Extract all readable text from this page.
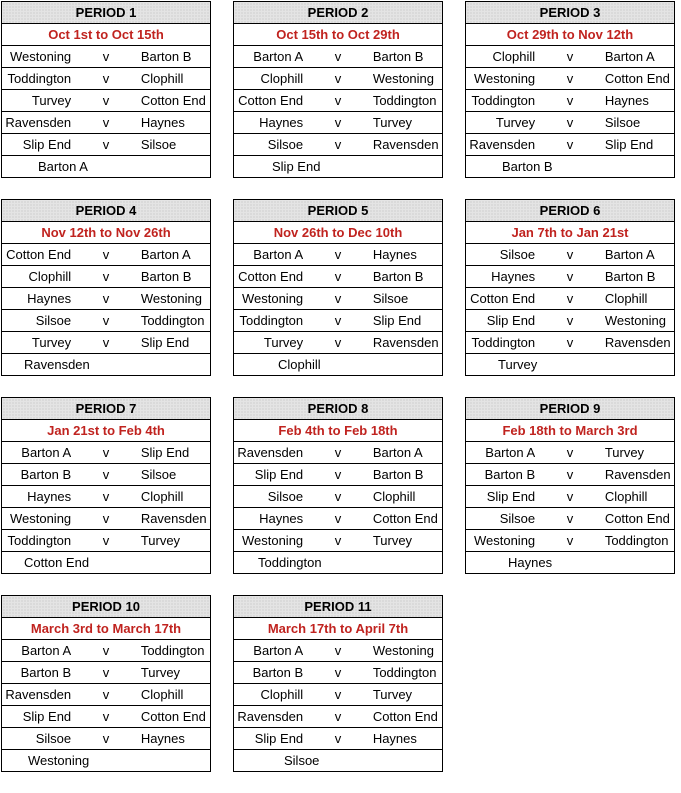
PERIOD 1		
Oct 1st to Oct 15th		
Westoning	v	Barton B
Toddington	v	Clophill
Turvey	v	Cotton End
Ravensden	v	Haynes
Slip End	v	Silsoe
Barton A		
PERIOD 2		
Oct 15th to Oct 29th		
Barton A	v	Barton B
Clophill	v	Westoning
Cotton End	v	Toddington
Haynes	v	Turvey
Silsoe	v	Ravensden
Slip End		
PERIOD 3		
Oct 29th to Nov 12th		
Clophill	v	Barton A
Westoning	v	Cotton End
Toddington	v	Haynes
Turvey	v	Silsoe
Ravensden	v	Slip End
Barton B		
PERIOD 4		
Nov 12th to Nov 26th		
Cotton End	v	Barton A
Clophill	v	Barton B
Haynes	v	Westoning
Silsoe	v	Toddington
Turvey	v	Slip End
Ravensden		
PERIOD 5		
Nov 26th to Dec 10th		
Barton A	v	Haynes
Cotton End	v	Barton B
Westoning	v	Silsoe
Toddington	v	Slip End
Turvey	v	Ravensden
Clophill		
PERIOD 6		
Jan 7th to Jan 21st		
Silsoe	v	Barton A
Haynes	v	Barton B
Cotton End	v	Clophill
Slip End	v	Westoning
Toddington	v	Ravensden
Turvey		
PERIOD 7		
Jan 21st to Feb 4th		
Barton A	v	Slip End
Barton B	v	Silsoe
Haynes	v	Clophill
Westoning	v	Ravensden
Toddington	v	Turvey
Cotton End		
PERIOD 8		
Feb 4th to Feb 18th		
Ravensden	v	Barton A
Slip End	v	Barton B
Silsoe	v	Clophill
Haynes	v	Cotton End
Westoning	v	Turvey
Toddington		
PERIOD 9		
Feb 18th to March 3rd		
Barton A	v	Turvey
Barton B	v	Ravensden
Slip End	v	Clophill
Silsoe	v	Cotton End
Westoning	v	Toddington
Haynes		
PERIOD 10		
March 3rd to March 17th		
Barton A	v	Toddington
Barton B	v	Turvey
Ravensden	v	Clophill
Slip End	v	Cotton End
Silsoe	v	Haynes
Westoning		
PERIOD 11		
March 17th to April 7th		
Barton A	v	Westoning
Barton B	v	Toddington
Clophill	v	Turvey
Ravensden	v	Cotton End
Slip End	v	Haynes
Silsoe		
